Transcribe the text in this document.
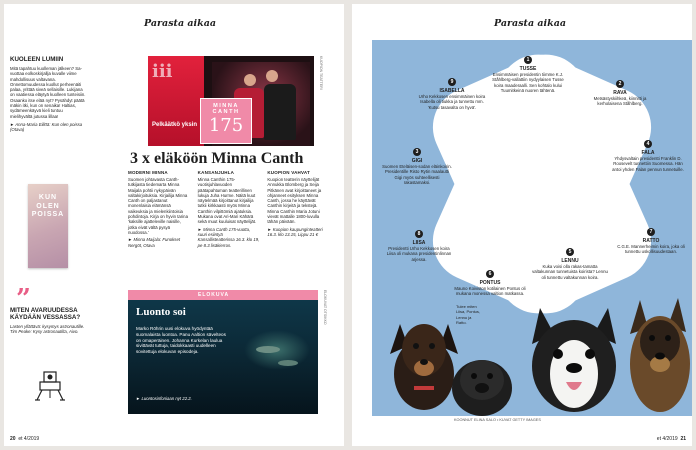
Parasta aikaa
KUOLEEN LUMIIN
Mitä tapahtuu kuolleman jälkeen? Sa-vuottaa eolkoskirjallja kuvalle viime mahdollisuus valtavana. Onnettomuudessa kuollut perheenäiti palaa, yrittää siveä sellaisille. Lukijana on vaatiessa eläytyä kuolleen tunteisiin. Osaanko itse elää nyt? Pysähdyt päätä mäkin itki, kun on senaika! Haltias, sydämeenkäyvä kieli tuntuu mielihyvältä jutussa lillaa!
► Anna-Maria Eilittä: Kun olen poissa (Otava)
KUN OLEN POISSA
”
MITEN AVARUUDESSA KÄYDÄÄN VESSASSA?
Lasten yllättävä: kysymys astronautille. Tim Peake: Kysy astronautilta, Aivo.
iii
Pelkäätkö yksin
KUOPION TEATTERI
MINNA CANTH
175
3 x eläköön Minna Canth
MODERNI MINNA
Suomen johtavasta Canth-tutkijasta tiedemarta Minna Maijala pohtii nykypäivän valtakirjoituksia. Kirjailija Minna Canth on paljastanut monenlaisia elämänsä vaikeuksia ja mielenkiintoisia pohdintoja. Kirja on hyvin tarina 'kaksille ajatteleville naisille, jotka eivät vältä pysyä nuodossa.'
► Minna Maijala: Funokset Nergöt, Otava
KANSANJUHLA
Minna Canthin 175-vuotisjuhlavuoden päätapahtuman teatterillinen lukuja Juha Hurme. Näitä kuut näytelmää kirjoittanut kirjailija tutkii kirkkaasti myös Minna Canthin vilpittömiä ajatuksia. Mukana ovat Ari-Mari Kähärä sekä muut kuuluisat näyttelijät.
► Minna Canth 175-vuotta, suuri esiintyä Kansallisteatterissa 16.3. klo 19, pe 8.3 lisäkierros.
KUOPION VAHVAT
Kuopion teatterin näyttelijät Annukka Blomberg ja Seija Pitkänen avat kirjoittaneet ja ohjanneet esityksen Minna Canth, jossa he käyttävät Canthin kirjeitä ja tekstejä. Minna Canthin Maria Jotuni vievät mattalle 1800-luvulla tähän päivään.
► Kuopion kaupunginteatteri 16.3. klo 13.15, Lippu 21 €
ELOKUVA
Luonto soi
Marko Röhrin uusi elokuva hyödyntää suomalaista luontoa. Panu Aaltion sävelteos on omaperäinen. Johanna Kurkelan laulua sivittävät tuttuja, taidokkaasti uudelleen sovitettuja elokuvan episodeja.
► Luontosinfoniaan nyt 22.2.
ELOKUVAT OTSIKKO
20 et 4/2019
Parasta aikaa
YKKÖS-
KOIRAT
Presidentien koirista tietokirjan kirjoittanut Meri Eskola kertoo, mitä niistä jäivät parhaiten mieleen.
► Meri Eskola: Presidentien lemmikit. Docendo.
1
TUSSE
Ensimmäisen presidentin tiimme K.J. Ståhlberg-vallattiin nydyylaisen Tusse koira maaderaalli. Sen kohtalo kului Tuumitkeinä nuoren tähtenä.
2
RAVA
Metsästyskiihkeä, kiinnitti ja kerholaisena Ståhlberg.
3
GIGI
Suomen Eteläisen-sodan eläinkoirin. Presidentille Risto Rytin maalautti Gigi myös suhteellisesti rakastamaksi.
4
FALA
Yhdysvaltain presidentti Franklin D. Roosevelt tunnettiin Suomessa. Hän antoi yhden Falan pennun tunnetuille.
5
LENNU
Kuka voisi olla rakas-tamatta valtakunnan tunnetuista koirista? Lennu oli tunnettu valtakunnan koira.
6
PONTUS
Mauno Koiviston kotilainen Pontus oli mukana monessa valtion matkassa.
7
RATTO
C.G.E. Mannerheimin koira, joka oli tunnettu uskollisuudestaan.
8
LIISA
Presidentti Urho Kekkosen koira Liisa oli mukana presidentinlinnan arjessa.
9
ISABELLA
Urho Kekkosen ensimmäinen koira Isabella oli tiukka ja tunnettu mm. 'Kutsu tasavalta on hyvä'.
Tulee miten Liisa, Pontus, Lennu ja Ratto.
KOONNUT ELINA SALO • KUVAT GETTY IMAGES
et 4/2019 21
